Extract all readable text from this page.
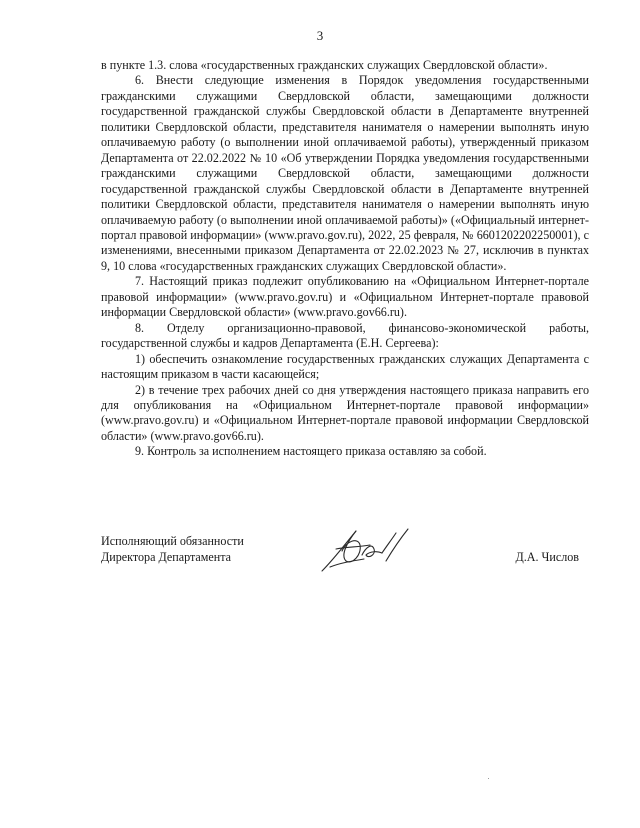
3

в пункте 1.3. слова «государственных гражданских служащих Свердловской области».

6. Внести следующие изменения в Порядок уведомления государственными гражданскими служащими Свердловской области, замещающими должности государственной гражданской службы Свердловской области в Департаменте внутренней политики Свердловской области, представителя нанимателя о намерении выполнять иную оплачиваемую работу (о выполнении иной оплачиваемой работы), утвержденный приказом Департамента от 22.02.2022 № 10 «Об утверждении Порядка уведомления государственными гражданскими служащими Свердловской области, замещающими должности государственной гражданской службы Свердловской области в Департаменте внутренней политики Свердловской области, представителя нанимателя о намерении выполнять иную оплачиваемую работу (о выполнении иной оплачиваемой работы)» («Официальный интернет-портал правовой информации» (www.pravo.gov.ru), 2022, 25 февраля, № 6601202202250001), с изменениями, внесенными приказом Департамента от 22.02.2023 № 27, исключив в пунктах 9, 10 слова «государственных гражданских служащих Свердловской области».

7. Настоящий приказ подлежит опубликованию на «Официальном Интернет-портале правовой информации» (www.pravo.gov.ru) и «Официальном Интернет-портале правовой информации Свердловской области» (www.pravo.gov66.ru).

8. Отделу организационно-правовой, финансово-экономической работы, государственной службы и кадров Департамента (Е.Н. Сергеева):

1) обеспечить ознакомление государственных гражданских служащих Департамента с настоящим приказом в части касающейся;

2) в течение трех рабочих дней со дня утверждения настоящего приказа направить его для опубликования на «Официальном Интернет-портале правовой информации» (www.pravo.gov.ru) и «Официальном Интернет-портале правовой информации Свердловской области» (www.pravo.gov66.ru).

9. Контроль за исполнением настоящего приказа оставляю за собой.

Исполняющий обязанности
Директора Департамента	Д.А. Числов
